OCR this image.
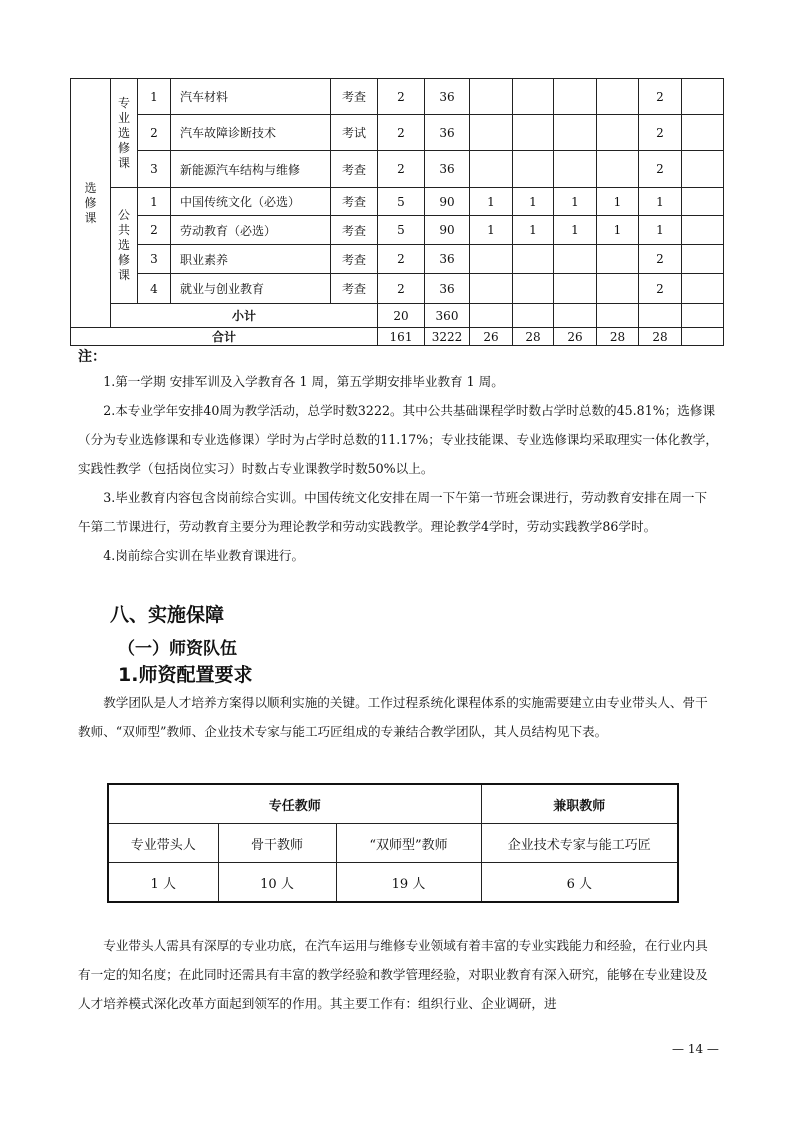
选修课	专业选修课	1	汽车材料	考查	2	36					2	
		2	汽车故障诊断技术	考试	2	36					2	
		3	新能源汽车结构与维修	考查	2	36					2	
	公共选修课	1	中国传统文化（必选）	考查	5	90	1	1	1	1	1	
		2	劳动教育（必选）	考查	5	90	1	1	1	1	1	
		3	职业素养	考查	2	36					2	
		4	就业与创业教育	考查	2	36					2	
	小计				20	360						
合计					161	3222	26	28	26	28	28	
注：

1.第一学期 安排军训及入学教育各 1 周，第五学期安排毕业教育 1 周。

2.本专业学年安排40周为教学活动，总学时数3222。其中公共基础课程学时数占学时总数的45.81%；选修课（分为专业选修课和专业选修课）学时为占学时总数的11.17%；专业技能课、专业选修课均采取理实一体化教学，实践性教学（包括岗位实习）时数占专业课教学时数50%以上。

3.毕业教育内容包含岗前综合实训。中国传统文化安排在周一下午第一节班会课进行，劳动教育安排在周一下午第二节课进行，劳动教育主要分为理论教学和劳动实践教学。理论教学4学时，劳动实践教学86学时。

4.岗前综合实训在毕业教育课进行。

八、实施保障
（一）师资队伍
1.师资配置要求

教学团队是人才培养方案得以顺利实施的关键。工作过程系统化课程体系的实施需要建立由专业带头人、骨干教师、“双师型”教师、企业技术专家与能工巧匠组成的专兼结合教学团队，其人员结构见下表。

专任教师			兼职教师
专业带头人	骨干教师	“双师型”教师	企业技术专家与能工巧匠
1 人	10 人	19 人	6 人

专业带头人需具有深厚的专业功底，在汽车运用与维修专业领域有着丰富的专业实践能力和经验，在行业内具有一定的知名度；在此同时还需具有丰富的教学经验和教学管理经验，对职业教育有深入研究，能够在专业建设及人才培养模式深化改革方面起到领军的作用。其主要工作有：组织行业、企业调研，进

— 14 —
